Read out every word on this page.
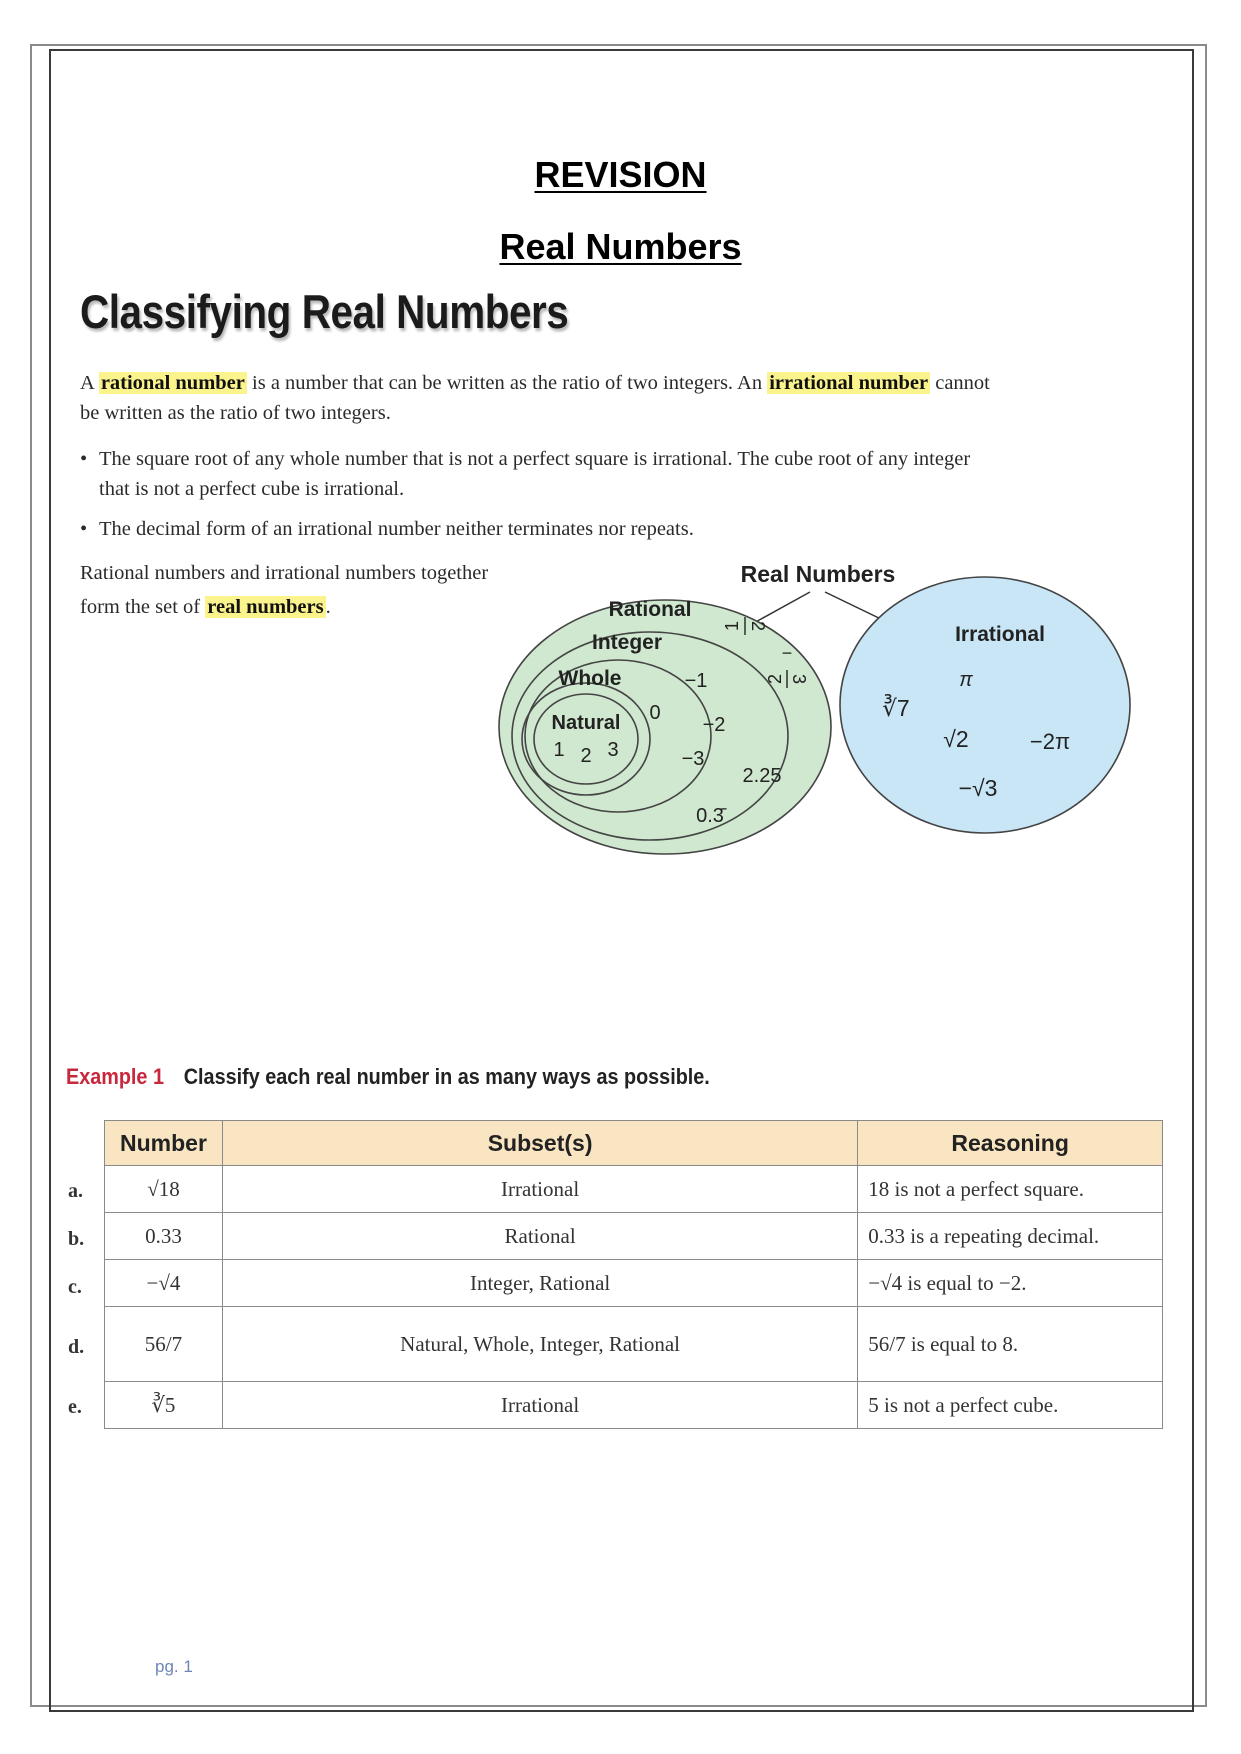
REVISION
Real Numbers
Classifying Real Numbers
A rational number is a number that can be written as the ratio of two integers. An irrational number cannot be written as the ratio of two integers.
• The square root of any whole number that is not a perfect square is irrational. The cube root of any integer that is not a perfect cube is irrational.
• The decimal form of an irrational number neither terminates nor repeats.
Rational numbers and irrational numbers together form the set of real numbers.
Real Numbers
Rational
Integer
Whole
Natural
1 2 3
0
−1
−2
−3
1 2
2 3
−
2.25
0.3̄
Irrational
∛7
π
√2	−2π
−√3
Example 1 Classify each real number in as many ways as possible.
Number	Subset(s)	Reasoning
√18	Irrational	18 is not a perfect square.
0.33	Rational	0.33 is a repeating decimal.
−√4	Integer, Rational	−√4 is equal to −2.
56/7	Natural, Whole, Integer, Rational	56/7 is equal to 8.
∛5	Irrational	5 is not a perfect cube.
a.
b.
c.
d.
e.
pg. 1
